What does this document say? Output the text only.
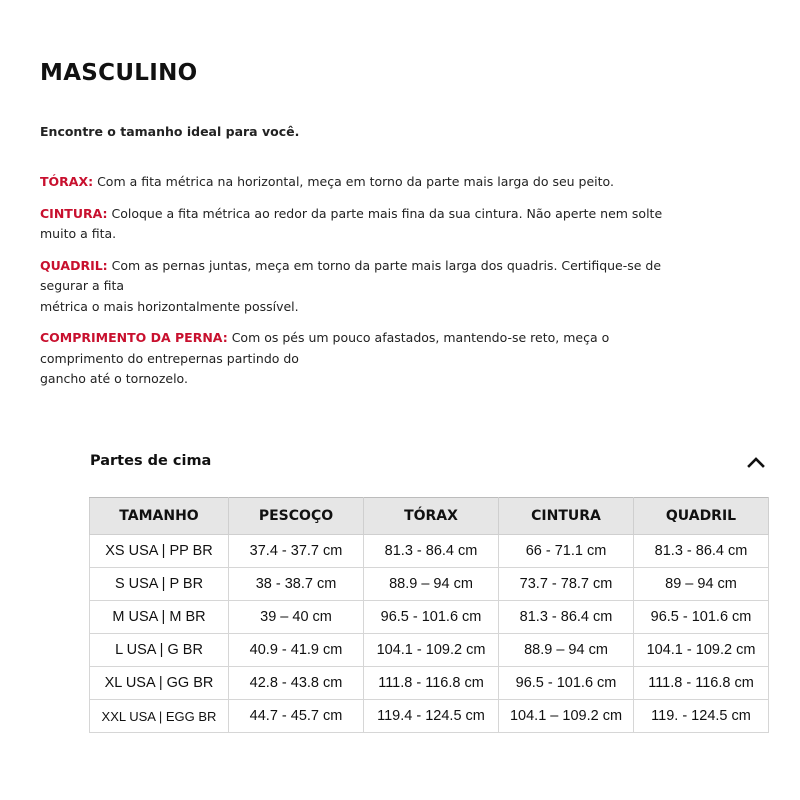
MASCULINO

Encontre o tamanho ideal para você.

TÓRAX: Com a fita métrica na horizontal, meça em torno da parte mais larga do seu peito.

CINTURA: Coloque a fita métrica ao redor da parte mais fina da sua cintura. Não aperte nem solte
muito a fita.

QUADRIL: Com as pernas juntas, meça em torno da parte mais larga dos quadris. Certifique-se de
segurar a fita
métrica o mais horizontalmente possível.

COMPRIMENTO DA PERNA: Com os pés um pouco afastados, mantendo-se reto, meça o
comprimento do entrepernas partindo do
gancho até o tornozelo.

Partes de cima
TAMANHO	PESCOÇO	TÓRAX	CINTURA	QUADRIL
XS USA | PP BR	37.4 - 37.7 cm	81.3 - 86.4 cm	66 - 71.1 cm	81.3 - 86.4 cm
S USA | P BR	38 - 38.7 cm	88.9 – 94 cm	73.7 - 78.7 cm	89 – 94 cm
M USA | M BR	39 – 40 cm	96.5 - 101.6 cm	81.3 - 86.4 cm	96.5 - 101.6 cm
L USA | G BR	40.9 - 41.9 cm	104.1 - 109.2 cm	88.9 – 94 cm	104.1 - 109.2 cm
XL USA | GG BR	42.8 - 43.8 cm	111.8 - 116.8 cm	96.5 - 101.6 cm	111.8 - 116.8 cm
XXL USA | EGG BR	44.7 - 45.7 cm	119.4 - 124.5 cm	104.1 – 109.2 cm	119. - 124.5 cm
